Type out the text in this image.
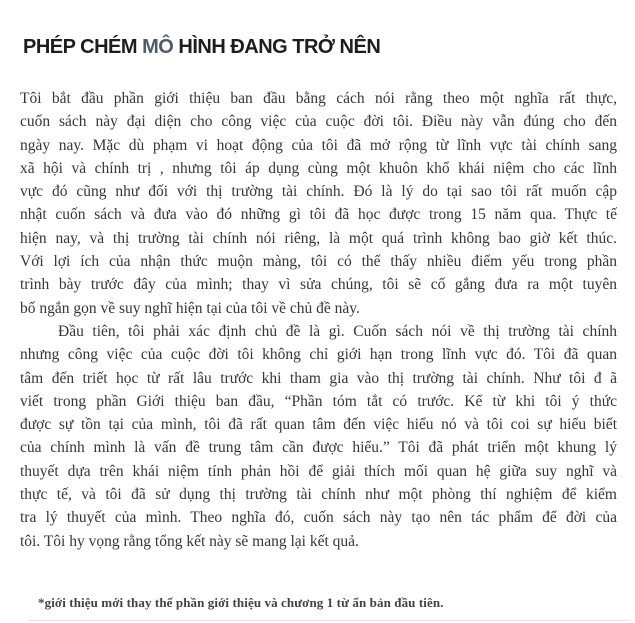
PHÉP CHÉM MÔ HÌNH ĐANG TRỞ NÊN
Tôi bắt đầu phần giới thiệu ban đầu bằng cách nói rằng theo một nghĩa rất thực,
cuốn sách này đại diện cho công việc của cuộc đời tôi. Điều này vẫn đúng cho đến
ngày nay. Mặc dù phạm vi hoạt động của tôi đã mở rộng từ lĩnh vực tài chính sang
xã hội và chính trị , nhưng tôi áp dụng cùng một khuôn khổ khái niệm cho các lĩnh
vực đó cũng như đối với thị trường tài chính. Đó là lý do tại sao tôi rất muốn cập
nhật cuốn sách và đưa vào đó những gì tôi đã học được trong 15 năm qua. Thực tế
hiện nay, và thị trường tài chính nói riêng, là một quá trình không bao giờ kết thúc.
Với lợi ích của nhận thức muộn màng, tôi có thể thấy nhiều điểm yếu trong phần
trình bày trước đây của mình; thay vì sửa chúng, tôi sẽ cố gắng đưa ra một tuyên
bố ngắn gọn về suy nghĩ hiện tại của tôi về chủ đề này.
Đầu tiên, tôi phải xác định chủ đề là gì. Cuốn sách nói về thị trường tài chính
nhưng công việc của cuộc đời tôi không chỉ giới hạn trong lĩnh vực đó. Tôi đã quan
tâm đến triết học từ rất lâu trước khi tham gia vào thị trường tài chính. Như tôi đ ã
viết trong phần Giới thiệu ban đầu, “Phần tóm tắt có trước. Kể từ khi tôi ý thức
được sự tồn tại của mình, tôi đã rất quan tâm đến việc hiểu nó và tôi coi sự hiểu biết
của chính mình là vấn đề trung tâm cần được hiểu.” Tôi đã phát triển một khung lý
thuyết dựa trên khái niệm tính phản hồi để giải thích mối quan hệ giữa suy nghĩ và
thực tế, và tôi đã sử dụng thị trường tài chính như một phòng thí nghiệm để kiểm
tra lý thuyết của mình. Theo nghĩa đó, cuốn sách này tạo nên tác phẩm để đời của
tôi. Tôi hy vọng rằng tổng kết này sẽ mang lại kết quả.
*giới thiệu mới thay thế phần giới thiệu và chương 1 từ ấn bản đầu tiên.
